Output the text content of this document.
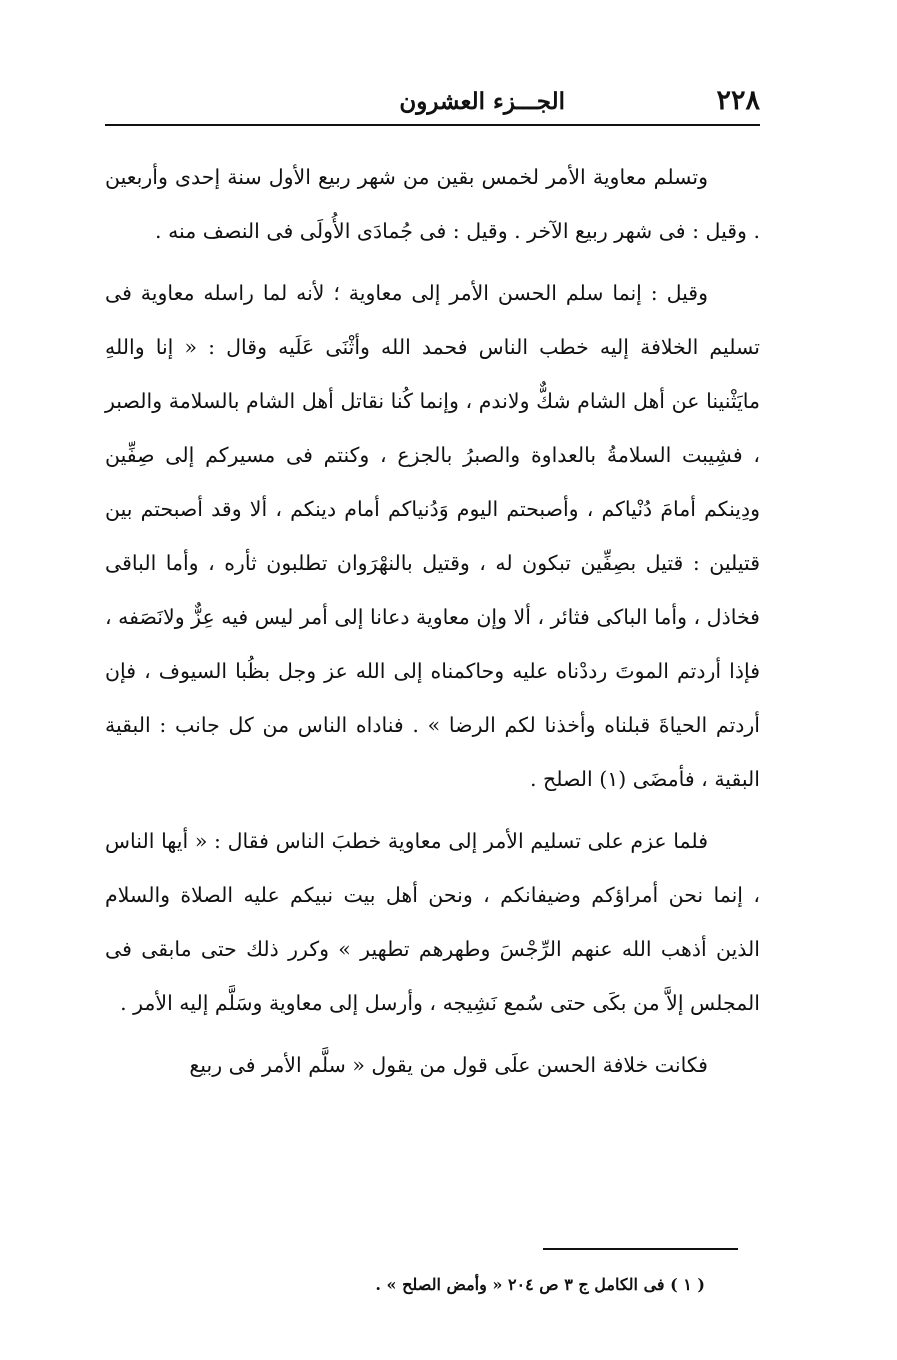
٢٢٨
الجـــزء العشرون

وتسلم معاوية الأمر لخمس بقين من شهر ربيع الأول سنة إحدى وأربعين . وقيل : فى شهر ربيع الآخر . وقيل : فى جُمادَى الأُولَى فى النصف منه .

وقيل : إنما سلم الحسن الأمر إلى معاوية ؛ لأنه لما راسله معاوية فى تسليم الخلافة إليه خطب الناس فحمد الله وأثْنَى عَلَيه وقال : « إنا واللهِ مايَثْنينا عن أهل الشام شكٌّ ولاندم ، وإنما كُنا نقاتل أهل الشام بالسلامة والصبر ، فشِيبت السلامةُ بالعداوة والصبرُ بالجزع ، وكنتم فى مسيركم إلى صِفِّين ودِينكم أمامَ دُنْياكم ، وأصبحتم اليوم وَدُنياكم أمام دينكم ، ألا وقد أصبحتم بين قتيلين : قتيل بصِفِّين تبكون له ، وقتيل بالنهْرَوان تطلبون ثأره ، وأما الباقى فخاذل ، وأما الباكى فثائر ، ألا وإن معاوية دعانا إلى أمر ليس فيه عِزٌّ ولانَصَفه ، فإذا أردتم الموتَ رددْناه عليه وحاكمناه إلى الله عز وجل بظُبا السيوف ، فإن أردتم الحياةَ قبلناه وأخذنا لكم الرضا » . فناداه الناس من كل جانب : البقية البقية ، فأمضَى (١) الصلح .

فلما عزم على تسليم الأمر إلى معاوية خطبَ الناس فقال : « أيها الناس ، إنما نحن أمراؤكم وضيفانكم ، ونحن أهل بيت نبيكم عليه الصلاة والسلام الذين أذهب الله عنهم الرِّجْسَ وطهرهم تطهير » وكرر ذلك حتى مابقى فى المجلس إلاَّ من بكَى حتى سُمع نَشِيجه ، وأرسل إلى معاوية وسَلَّم إليه الأمر .

فكانت خلافة الحسن علَى قول من يقول « سلَّم الأمر فى ربيع

( ١ ) فى الكامل ج ٣ ص ٢٠٤ « وأمض الصلح » .
